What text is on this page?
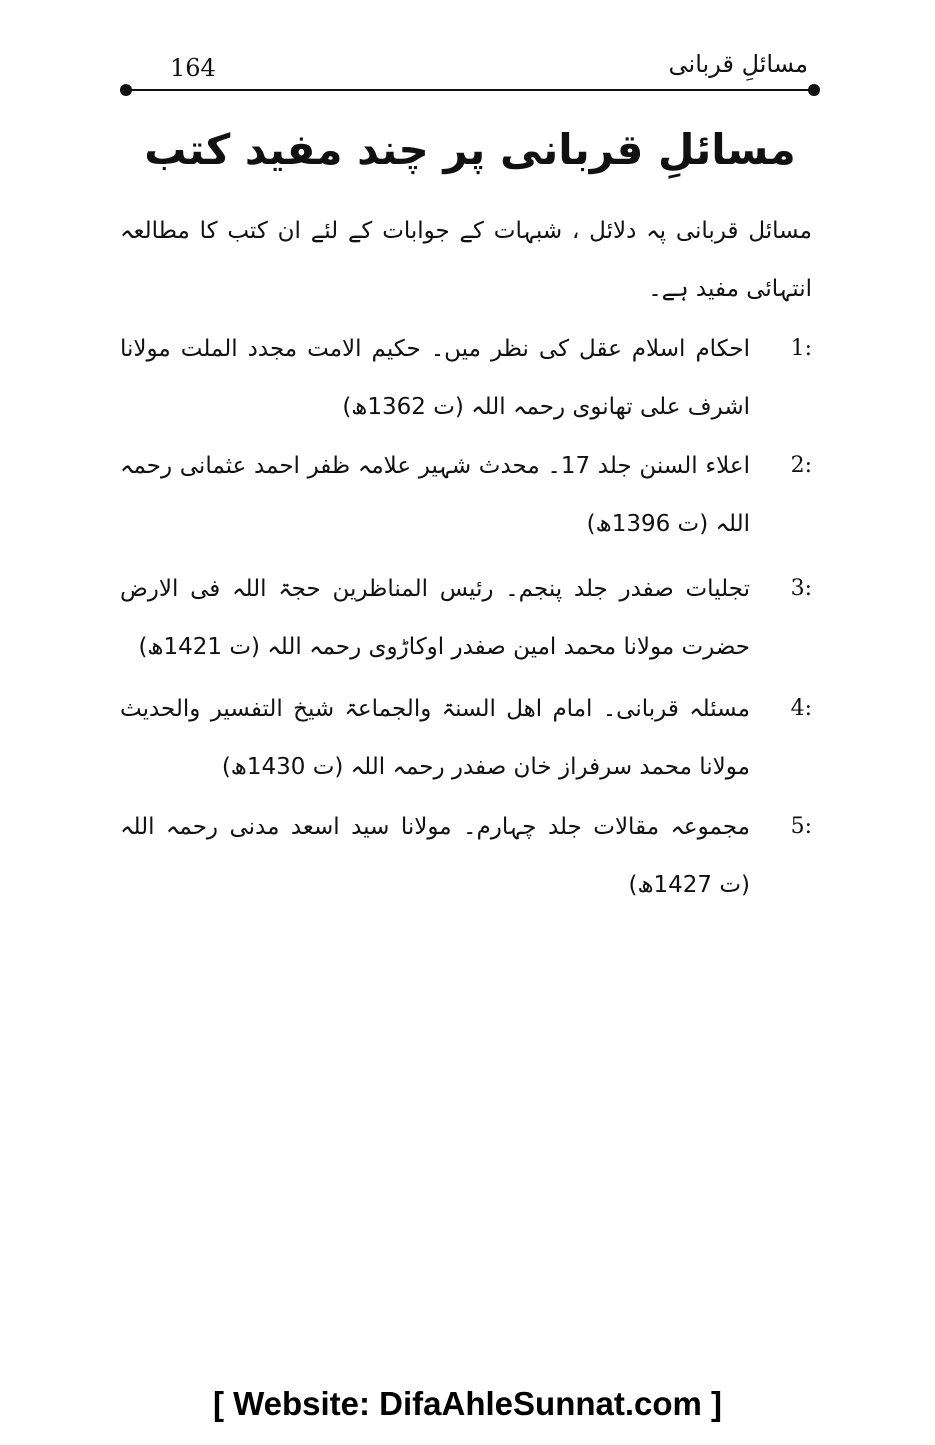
164	مسائلِ قربانی
مسائلِ قربانی پر چند مفید کتب
مسائل قربانی پہ دلائل ، شبہات کے جوابات کے لئے ان کتب کا مطالعہ انتہائی مفید ہے۔
1:
احکام اسلام عقل کی نظر میں۔ حکیم الامت مجدد الملت مولانا اشرف علی تھانوی رحمہ اللہ (ت 1362ھ)
2:
اعلاء السنن جلد 17۔ محدث شہیر علامہ ظفر احمد عثمانی رحمہ اللہ (ت 1396ھ)
3:
تجلیات صفدر جلد پنجم۔ رئیس المناظرین حجۃ اللہ فی الارض حضرت مولانا محمد امین صفدر اوکاڑوی رحمہ اللہ (ت 1421ھ)
4:
مسئلہ قربانی۔ امام اھل السنۃ والجماعۃ شیخ التفسیر والحدیث مولانا محمد سرفراز خان صفدر رحمہ اللہ (ت 1430ھ)
5:
مجموعہ مقالات جلد چہارم۔ مولانا سید اسعد مدنی رحمہ اللہ (ت 1427ھ)
[ Website: DifaAhleSunnat.com ]
